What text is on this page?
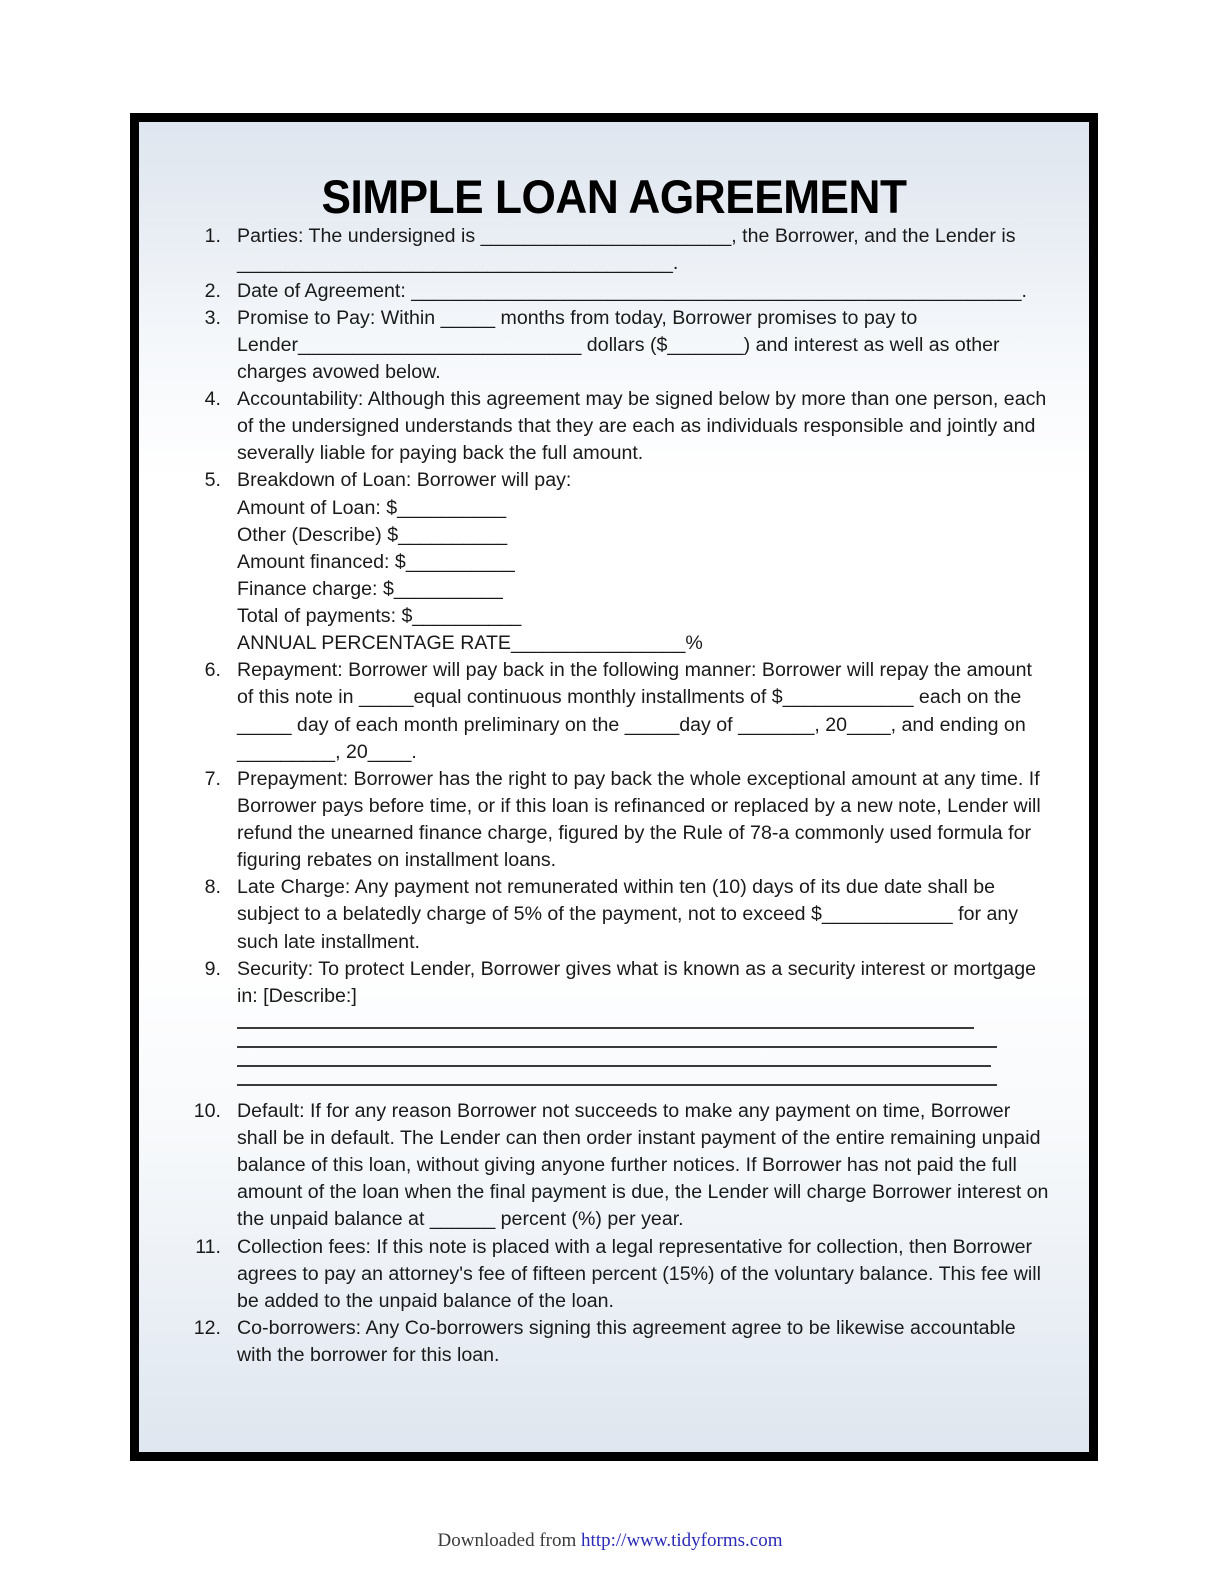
SIMPLE LOAN AGREEMENT
1. Parties: The undersigned is _______________________, the Borrower, and the Lender is ________________________________________.
2. Date of Agreement: ________________________________________________________.
3. Promise to Pay: Within _____ months from today, Borrower promises to pay to Lender__________________________ dollars ($_______) and interest as well as other charges avowed below.
4. Accountability: Although this agreement may be signed below by more than one person, each of the undersigned understands that they are each as individuals responsible and jointly and severally liable for paying back the full amount.
5. Breakdown of Loan: Borrower will pay:
Amount of Loan: $__________
Other (Describe) $__________
Amount financed: $__________
Finance charge: $__________
Total of payments: $__________
ANNUAL PERCENTAGE RATE________________%
6. Repayment: Borrower will pay back in the following manner: Borrower will repay the amount of this note in _____equal continuous monthly installments of $____________ each on the _____ day of each month preliminary on the _____day of _______, 20____, and ending on _________, 20____.
7. Prepayment: Borrower has the right to pay back the whole exceptional amount at any time. If Borrower pays before time, or if this loan is refinanced or replaced by a new note, Lender will refund the unearned finance charge, figured by the Rule of 78-a commonly used formula for figuring rebates on installment loans.
8. Late Charge: Any payment not remunerated within ten (10) days of its due date shall be subject to a belatedly charge of 5% of the payment, not to exceed $____________ for any such late installment.
9. Security: To protect Lender, Borrower gives what is known as a security interest or mortgage in: [Describe:]
10. Default: If for any reason Borrower not succeeds to make any payment on time, Borrower shall be in default. The Lender can then order instant payment of the entire remaining unpaid balance of this loan, without giving anyone further notices. If Borrower has not paid the full amount of the loan when the final payment is due, the Lender will charge Borrower interest on the unpaid balance at ______ percent (%) per year.
11. Collection fees: If this note is placed with a legal representative for collection, then Borrower agrees to pay an attorney's fee of fifteen percent (15%) of the voluntary balance. This fee will be added to the unpaid balance of the loan.
12. Co-borrowers: Any Co-borrowers signing this agreement agree to be likewise accountable with the borrower for this loan.
Downloaded from http://www.tidyforms.com
